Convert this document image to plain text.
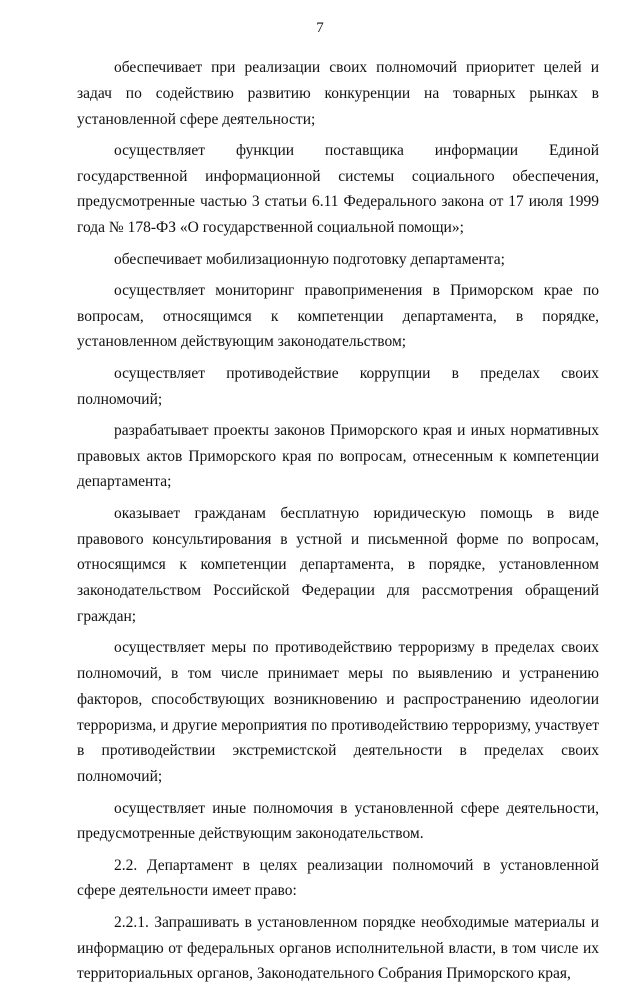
7

обеспечивает при реализации своих полномочий приоритет целей и задач по содействию развитию конкуренции на товарных рынках в установленной сфере деятельности;

осуществляет функции поставщика информации Единой государственной информационной системы социального обеспечения, предусмотренные частью 3 статьи 6.11 Федерального закона от 17 июля 1999 года № 178-ФЗ «О государственной социальной помощи»;

обеспечивает мобилизационную подготовку департамента;

осуществляет мониторинг правоприменения в Приморском крае по вопросам, относящимся к компетенции департамента, в порядке, установленном действующим законодательством;

осуществляет противодействие коррупции в пределах своих полномочий;

разрабатывает проекты законов Приморского края и иных нормативных правовых актов Приморского края по вопросам, отнесенным к компетенции департамента;

оказывает гражданам бесплатную юридическую помощь в виде правового консультирования в устной и письменной форме по вопросам, относящимся к компетенции департамента, в порядке, установленном законодательством Российской Федерации для рассмотрения обращений граждан;

осуществляет меры по противодействию терроризму в пределах своих полномочий, в том числе принимает меры по выявлению и устранению факторов, способствующих возникновению и распространению идеологии терроризма, и другие мероприятия по противодействию терроризму, участвует в противодействии экстремистской деятельности в пределах своих полномочий;

осуществляет иные полномочия в установленной сфере деятельности, предусмотренные действующим законодательством.

2.2. Департамент в целях реализации полномочий в установленной сфере деятельности имеет право:

2.2.1. Запрашивать в установленном порядке необходимые материалы и информацию от федеральных органов исполнительной власти, в том числе их территориальных органов, Законодательного Собрания Приморского края,
